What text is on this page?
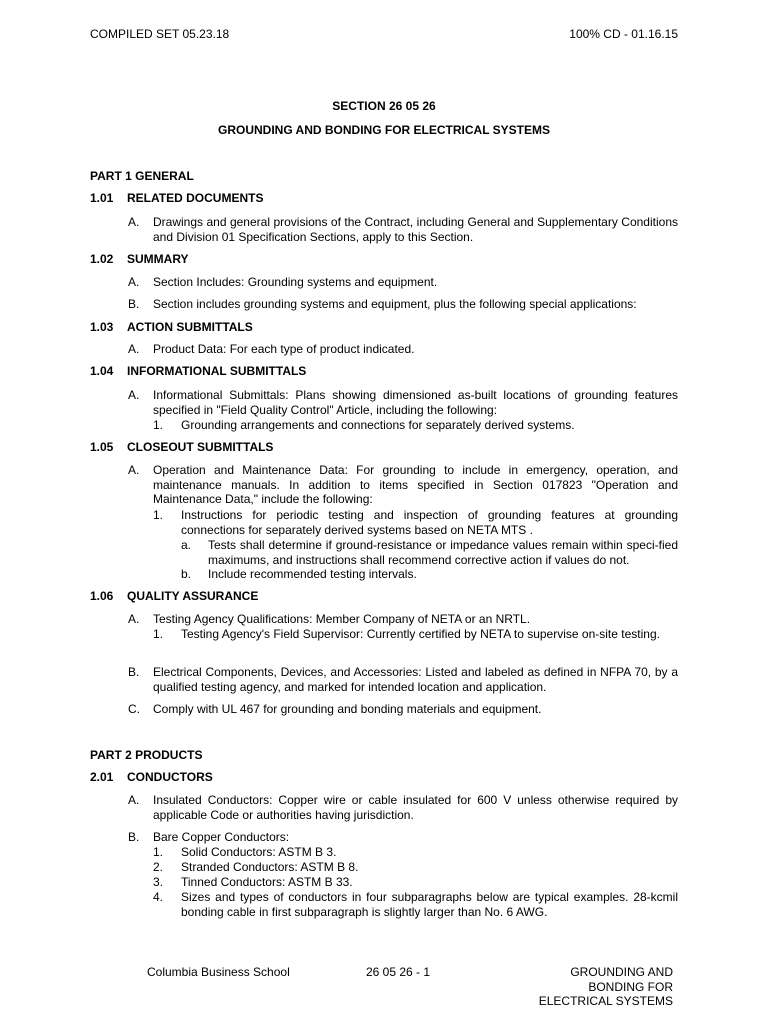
COMPILED SET 05.23.18	100% CD - 01.16.15
SECTION 26 05 26
GROUNDING AND BONDING FOR ELECTRICAL SYSTEMS
PART 1 GENERAL
1.01 RELATED DOCUMENTS
A. Drawings and general provisions of the Contract, including General and Supplementary Conditions and Division 01 Specification Sections, apply to this Section.
1.02 SUMMARY
A. Section Includes: Grounding systems and equipment.
B. Section includes grounding systems and equipment, plus the following special applications:
1.03 ACTION SUBMITTALS
A. Product Data: For each type of product indicated.
1.04 INFORMATIONAL SUBMITTALS
A. Informational Submittals: Plans showing dimensioned as-built locations of grounding features specified in "Field Quality Control" Article, including the following:
1. Grounding arrangements and connections for separately derived systems.
1.05 CLOSEOUT SUBMITTALS
A. Operation and Maintenance Data: For grounding to include in emergency, operation, and maintenance manuals. In addition to items specified in Section 017823 "Operation and Maintenance Data," include the following:
1. Instructions for periodic testing and inspection of grounding features at grounding connections for separately derived systems based on NETA MTS .
a. Tests shall determine if ground-resistance or impedance values remain within speci-fied maximums, and instructions shall recommend corrective action if values do not.
b. Include recommended testing intervals.
1.06 QUALITY ASSURANCE
A. Testing Agency Qualifications: Member Company of NETA or an NRTL.
1. Testing Agency's Field Supervisor: Currently certified by NETA to supervise on-site testing.
B. Electrical Components, Devices, and Accessories: Listed and labeled as defined in NFPA 70, by a qualified testing agency, and marked for intended location and application.
C. Comply with UL 467 for grounding and bonding materials and equipment.
PART 2 PRODUCTS
2.01 CONDUCTORS
A. Insulated Conductors: Copper wire or cable insulated for 600 V unless otherwise required by applicable Code or authorities having jurisdiction.
B. Bare Copper Conductors:
1. Solid Conductors: ASTM B 3.
2. Stranded Conductors: ASTM B 8.
3. Tinned Conductors: ASTM B 33.
4. Sizes and types of conductors in four subparagraphs below are typical examples. 28-kcmil bonding cable in first subparagraph is slightly larger than No. 6 AWG.
Columbia Business School	26 05 26 - 1	GROUNDING AND
BONDING FOR
ELECTRICAL SYSTEMS
